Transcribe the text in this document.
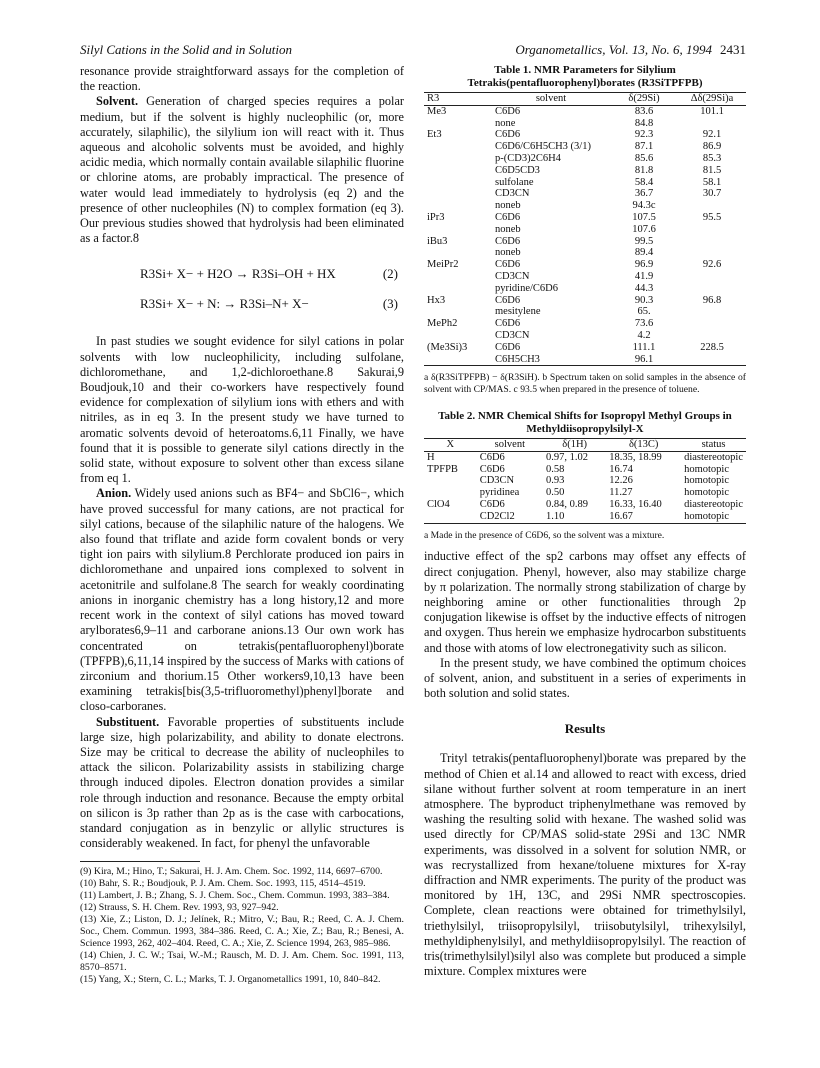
Silyl Cations in the Solid and in Solution	Organometallics, Vol. 13, No. 6, 1994 2431

resonance provide straightforward assays for the completion of the reaction.

Solvent. Generation of charged species requires a polar medium, but if the solvent is highly nucleophilic (or, more accurately, silaphilic), the silylium ion will react with it. Thus aqueous and alcoholic solvents must be avoided, and highly acidic media, which normally contain available silaphilic fluorine or chlorine atoms, are probably impractical. The presence of water would lead immediately to hydrolysis (eq 2) and the presence of other nucleophiles (N) to complex formation (eq 3). Our previous studies showed that hydrolysis had been eliminated as a factor.8

R3Si+ X− + H2O → R3Si–OH + HX	(2)
R3Si+ X− + N: → R3Si–N+ X−	(3)

In past studies we sought evidence for silyl cations in polar solvents with low nucleophilicity, including sulfolane, dichloromethane, and 1,2-dichloroethane.8 Sakurai,9 Boudjouk,10 and their co-workers have respectively found evidence for complexation of silylium ions with ethers and with nitriles, as in eq 3. In the present study we have turned to aromatic solvents devoid of heteroatoms.6,11 Finally, we have found that it is possible to generate silyl cations directly in the solid state, without exposure to solvent other than excess silane from eq 1.

Anion. Widely used anions such as BF4− and SbCl6−, which have proved successful for many cations, are not practical for silyl cations, because of the silaphilic nature of the halogens. We also found that triflate and azide form covalent bonds or very tight ion pairs with silylium.8 Perchlorate produced ion pairs in dichloromethane and unpaired ions complexed to solvent in acetonitrile and sulfolane.8 The search for weakly coordinating anions in inorganic chemistry has a long history,12 and more recent work in the context of silyl cations has moved toward arylborates6,9–11 and carborane anions.13 Our own work has concentrated on tetrakis(pentafluorophenyl)borate (TPFPB),6,11,14 inspired by the success of Marks with cations of zirconium and thorium.15 Other workers9,10,13 have been examining tetrakis[bis(3,5-trifluoromethyl)phenyl]borate and closo-carboranes.

Substituent. Favorable properties of substituents include large size, high polarizability, and ability to donate electrons. Size may be critical to decrease the ability of nucleophiles to attack the silicon. Polarizability assists in stabilizing charge through induced dipoles. Electron donation provides a similar role through induction and resonance. Because the empty orbital on silicon is 3p rather than 2p as is the case with carbocations, standard conjugation as in benzylic or allylic structures is considerably weakened. In fact, for phenyl the unfavorable

(9) Kira, M.; Hino, T.; Sakurai, H. J. Am. Chem. Soc. 1992, 114, 6697–6700.
(10) Bahr, S. R.; Boudjouk, P. J. Am. Chem. Soc. 1993, 115, 4514–4519.
(11) Lambert, J. B.; Zhang, S. J. Chem. Soc., Chem. Commun. 1993, 383–384.
(12) Strauss, S. H. Chem. Rev. 1993, 93, 927–942.
(13) Xie, Z.; Liston, D. J.; Jelínek, R.; Mitro, V.; Bau, R.; Reed, C. A. J. Chem. Soc., Chem. Commun. 1993, 384–386. Reed, C. A.; Xie, Z.; Bau, R.; Benesi, A. Science 1993, 262, 402–404. Reed, C. A.; Xie, Z. Science 1994, 263, 985–986.
(14) Chien, J. C. W.; Tsai, W.-M.; Rausch, M. D. J. Am. Chem. Soc. 1991, 113, 8570–8571.
(15) Yang, X.; Stern, C. L.; Marks, T. J. Organometallics 1991, 10, 840–842.
Table 1. NMR Parameters for Silylium Tetrakis(pentafluorophenyl)borates (R3SiTPFPB)
R3	solvent	δ(29Si)	Δδ(29Si)a
Me3	C6D6	83.6	101.1
	none	84.8	
Et3	C6D6	92.3	92.1
	C6D6/C6H5CH3 (3/1)	87.1	86.9
	p-(CD3)2C6H4	85.6	85.3
	C6D5CD3	81.8	81.5
	sulfolane	58.4	58.1
	CD3CN	36.7	30.7
	noneb	94.3c	
iPr3	C6D6	107.5	95.5
	noneb	107.6	
iBu3	C6D6	99.5	
	noneb	89.4	
MeiPr2	C6D6	96.9	92.6
	CD3CN	41.9	
	pyridine/C6D6	44.3	
Hx3	C6D6	90.3	96.8
	mesitylene	65.	
MePh2	C6D6	73.6	
	CD3CN	4.2	
(Me3Si)3	C6D6	111.1	228.5
	C6H5CH3	96.1	
a δ(R3SiTPFPB) − δ(R3SiH). b Spectrum taken on solid samples in the absence of solvent with CP/MAS. c 93.5 when prepared in the presence of toluene.
Table 2. NMR Chemical Shifts for Isopropyl Methyl Groups in Methyldiisopropylsilyl-X
X	solvent	δ(1H)	δ(13C)	status
H	C6D6	0.97, 1.02	18.35, 18.99	diastereotopic
TPFPB	C6D6	0.58	16.74	homotopic
	CD3CN	0.93	12.26	homotopic
	pyridinea	0.50	11.27	homotopic
ClO4	C6D6	0.84, 0.89	16.33, 16.40	diastereotopic
	CD2Cl2	1.10	16.67	homotopic
a Made in the presence of C6D6, so the solvent was a mixture.

inductive effect of the sp2 carbons may offset any effects of direct conjugation. Phenyl, however, also may stabilize charge by π polarization. The normally strong stabilization of charge by neighboring amine or other functionalities through 2p conjugation likewise is offset by the inductive effects of nitrogen and oxygen. Thus herein we emphasize hydrocarbon substituents and those with atoms of low electronegativity such as silicon.

In the present study, we have combined the optimum choices of solvent, anion, and substituent in a series of experiments in both solution and solid states.

Results

Trityl tetrakis(pentafluorophenyl)borate was prepared by the method of Chien et al.14 and allowed to react with excess, dried silane without further solvent at room temperature in an inert atmosphere. The byproduct triphenylmethane was removed by washing the resulting solid with hexane. The washed solid was used directly for CP/MAS solid-state 29Si and 13C NMR experiments, was dissolved in a solvent for solution NMR, or was recrystallized from hexane/toluene mixtures for X-ray diffraction and NMR experiments. The purity of the product was monitored by 1H, 13C, and 29Si NMR spectroscopies. Complete, clean reactions were obtained for trimethylsilyl, triethylsilyl, triisopropylsilyl, triisobutylsilyl, trihexylsilyl, methyldiphenylsilyl, and methyldiisopropylsilyl. The reaction of tris(trimethylsilyl)silyl also was complete but produced a simple mixture. Complex mixtures were
